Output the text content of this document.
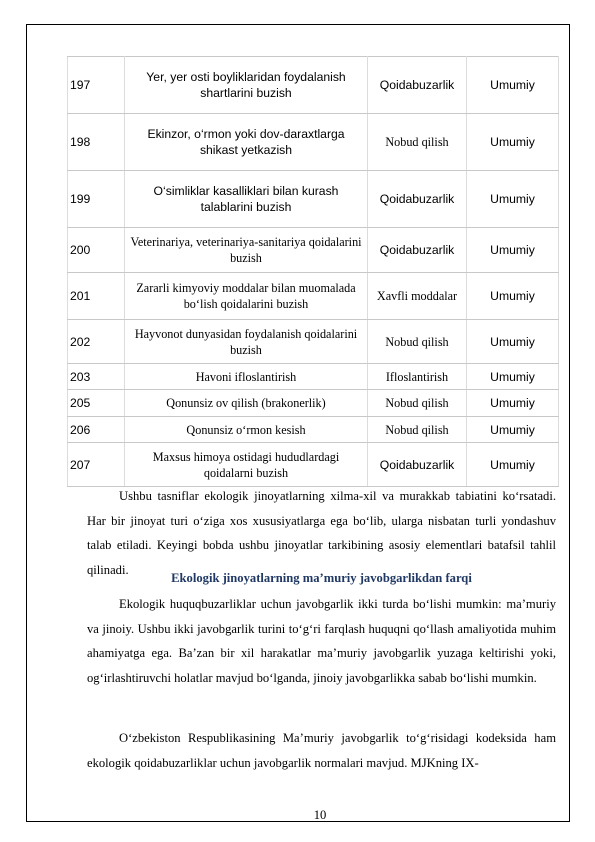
197	Yer, yer osti boyliklaridan foydalanish shartlarini buzish	Qoidabuzarlik	Umumiy
198	Ekinzor, o‘rmon yoki dov-daraxtlarga shikast yetkazish	Nobud qilish	Umumiy
199	O‘simliklar kasalliklari bilan kurash talablarini buzish	Qoidabuzarlik	Umumiy
200	Veterinariya, veterinariya-sanitariya qoidalarini buzish	Qoidabuzarlik	Umumiy
201	Zararli kimyoviy moddalar bilan muomalada bo‘lish qoidalarini buzish	Xavfli moddalar	Umumiy
202	Hayvonot dunyasidan foydalanish qoidalarini buzish	Nobud qilish	Umumiy
203	Havoni ifloslantirish	Ifloslantirish	Umumiy
205	Qonunsiz ov qilish (brakonerlik)	Nobud qilish	Umumiy
206	Qonunsiz o‘rmon kesish	Nobud qilish	Umumiy
207	Maxsus himoya ostidagi hududlardagi qoidalarni buzish	Qoidabuzarlik	Umumiy

Ushbu tasniflar ekologik jinoyatlarning xilma-xil va murakkab tabiatini ko‘rsatadi. Har bir jinoyat turi o‘ziga xos xususiyatlarga ega bo‘lib, ularga nisbatan turli yondashuv talab etiladi. Keyingi bobda ushbu jinoyatlar tarkibining asosiy elementlari batafsil tahlil qilinadi.

Ekologik jinoyatlarning ma’muriy javobgarlikdan farqi

Ekologik huquqbuzarliklar uchun javobgarlik ikki turda bo‘lishi mumkin: ma’muriy va jinoiy. Ushbu ikki javobgarlik turini to‘g‘ri farqlash huquqni qo‘llash amaliyotida muhim ahamiyatga ega. Ba’zan bir xil harakatlar ma’muriy javobgarlik yuzaga keltirishi yoki, og‘irlashtiruvchi holatlar mavjud bo‘lganda, jinoiy javobgarlikka sabab bo‘lishi mumkin.

O‘zbekiston Respublikasining Ma’muriy javobgarlik to‘g‘risidagi kodeksida ham ekologik qoidabuzarliklar uchun javobgarlik normalari mavjud. MJKning IX-

10
